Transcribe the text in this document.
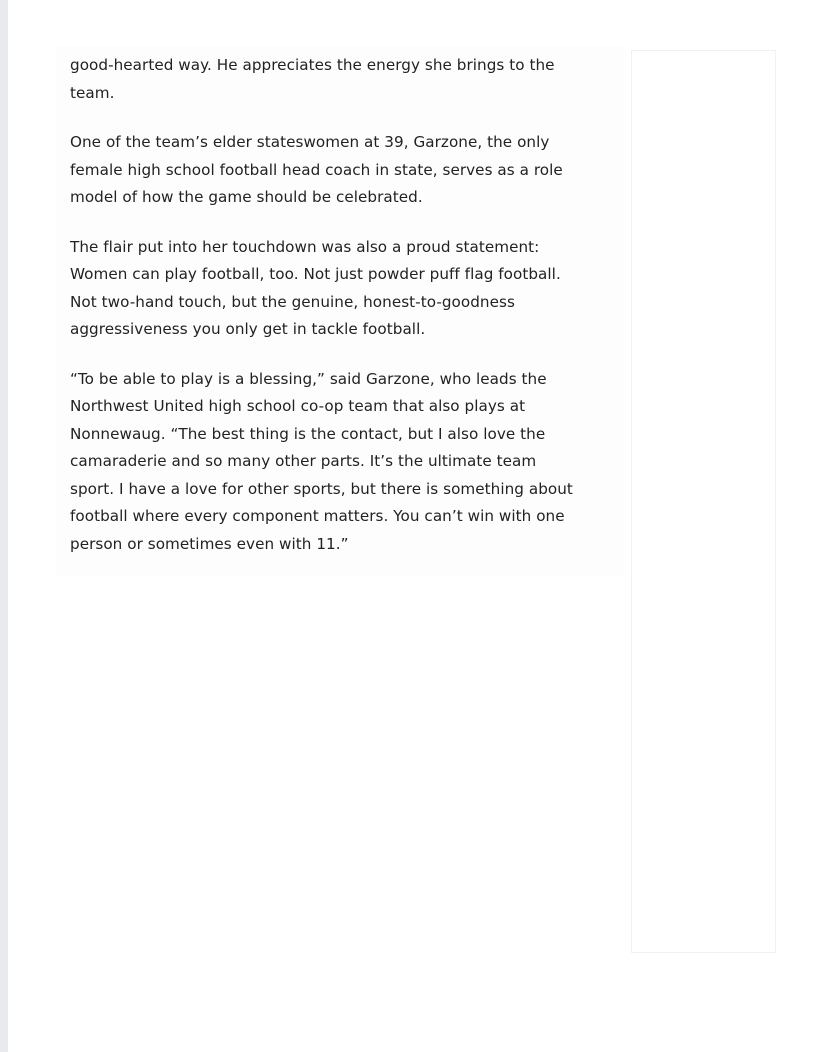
good-hearted way. He appreciates the energy she brings to the
team.

One of the team’s elder stateswomen at 39, Garzone, the only
female high school football head coach in state, serves as a role
model of how the game should be celebrated.

The flair put into her touchdown was also a proud statement:
Women can play football, too. Not just powder puff flag football.
Not two-hand touch, but the genuine, honest-to-goodness
aggressiveness you only get in tackle football.

“To be able to play is a blessing,” said Garzone, who leads the
Northwest United high school co-op team that also plays at
Nonnewaug. “The best thing is the contact, but I also love the
camaraderie and so many other parts. It’s the ultimate team
sport. I have a love for other sports, but there is something about
football where every component matters. You can’t win with one
person or sometimes even with 11.”
